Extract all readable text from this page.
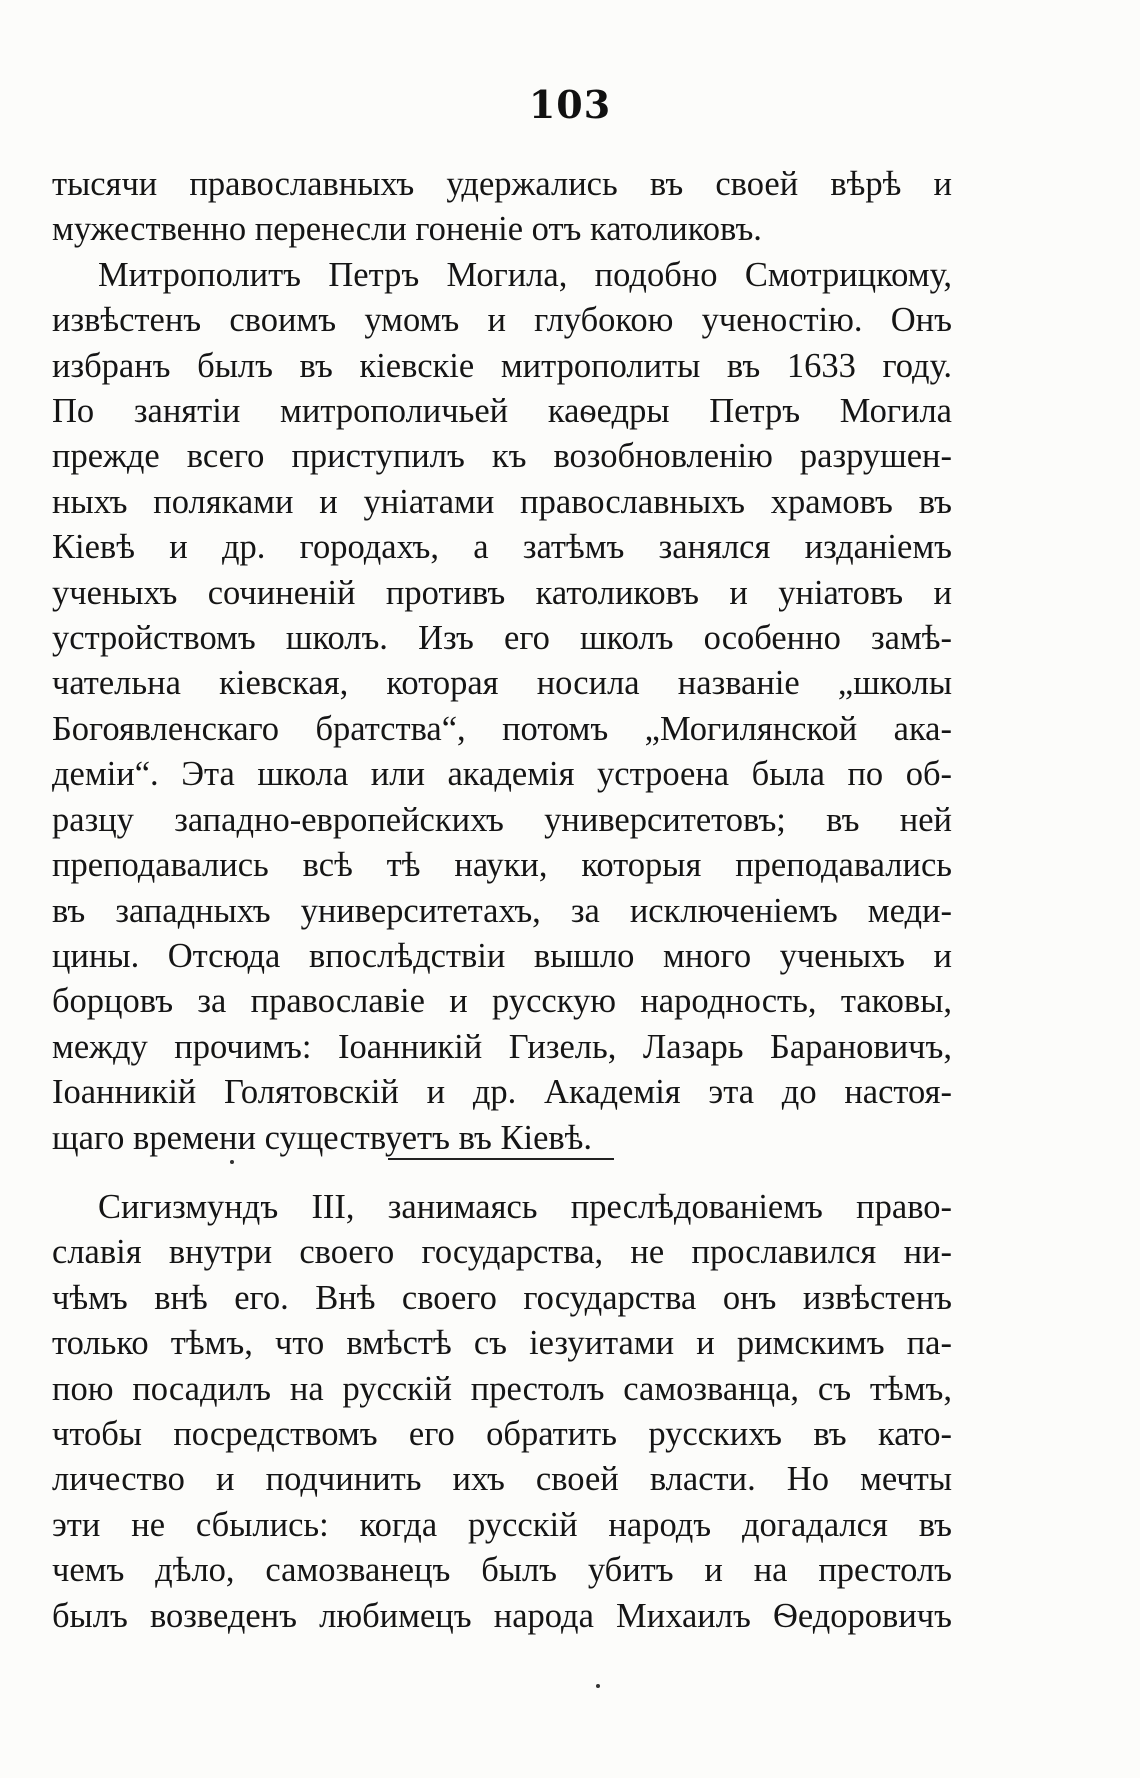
103

тысячи православныхъ удержались въ своей вѣрѣ и

мужественно перенесли гоненіе отъ католиковъ.

Митрополитъ Петръ Могила, подобно Смотрицкому,

извѣстенъ своимъ умомъ и глубокою ученостію. Онъ

избранъ былъ въ кіевскіе митрополиты въ 1633 году.

По занятіи митрополичьей каѳедры Петръ Могила

прежде всего приступилъ къ возобновленію разрушен-

ныхъ поляками и уніатами православныхъ храмовъ въ

Кіевѣ и др. городахъ, а затѣмъ занялся изданіемъ

ученыхъ сочиненій противъ католиковъ и уніатовъ и

устройствомъ школъ. Изъ его школъ особенно замѣ-

чательна кіевская, которая носила названіе „школы

Богоявленскаго братства“, потомъ „Могилянской ака-

деміи“. Эта школа или академія устроена была по об-

разцу западно-европейскихъ университетовъ; въ ней

преподавались всѣ тѣ науки, которыя преподавались

въ западныхъ университетахъ, за исключеніемъ меди-

цины. Отсюда впослѣдствіи вышло много ученыхъ и

борцовъ за православіе и русскую народность, таковы,

между прочимъ: Іоанникій Гизель, Лазарь Барановичъ,

Іоанникій Голятовскій и др. Академія эта до настоя-

щаго времени существуетъ въ Кіевѣ.

Сигизмундъ III, занимаясь преслѣдованіемъ право-

славія внутри своего государства, не прославился ни-

чѣмъ внѣ его. Внѣ своего государства онъ извѣстенъ

только тѣмъ, что вмѣстѣ съ іезуитами и римскимъ па-

пою посадилъ на русскій престолъ самозванца, съ тѣмъ,

чтобы посредствомъ его обратить русскихъ въ като-

личество и подчинить ихъ своей власти. Но мечты

эти не сбылись: когда русскій народъ догадался въ

чемъ дѣло, самозванецъ былъ убитъ и на престолъ

былъ возведенъ любимецъ народа Михаилъ Ѳедоровичъ
